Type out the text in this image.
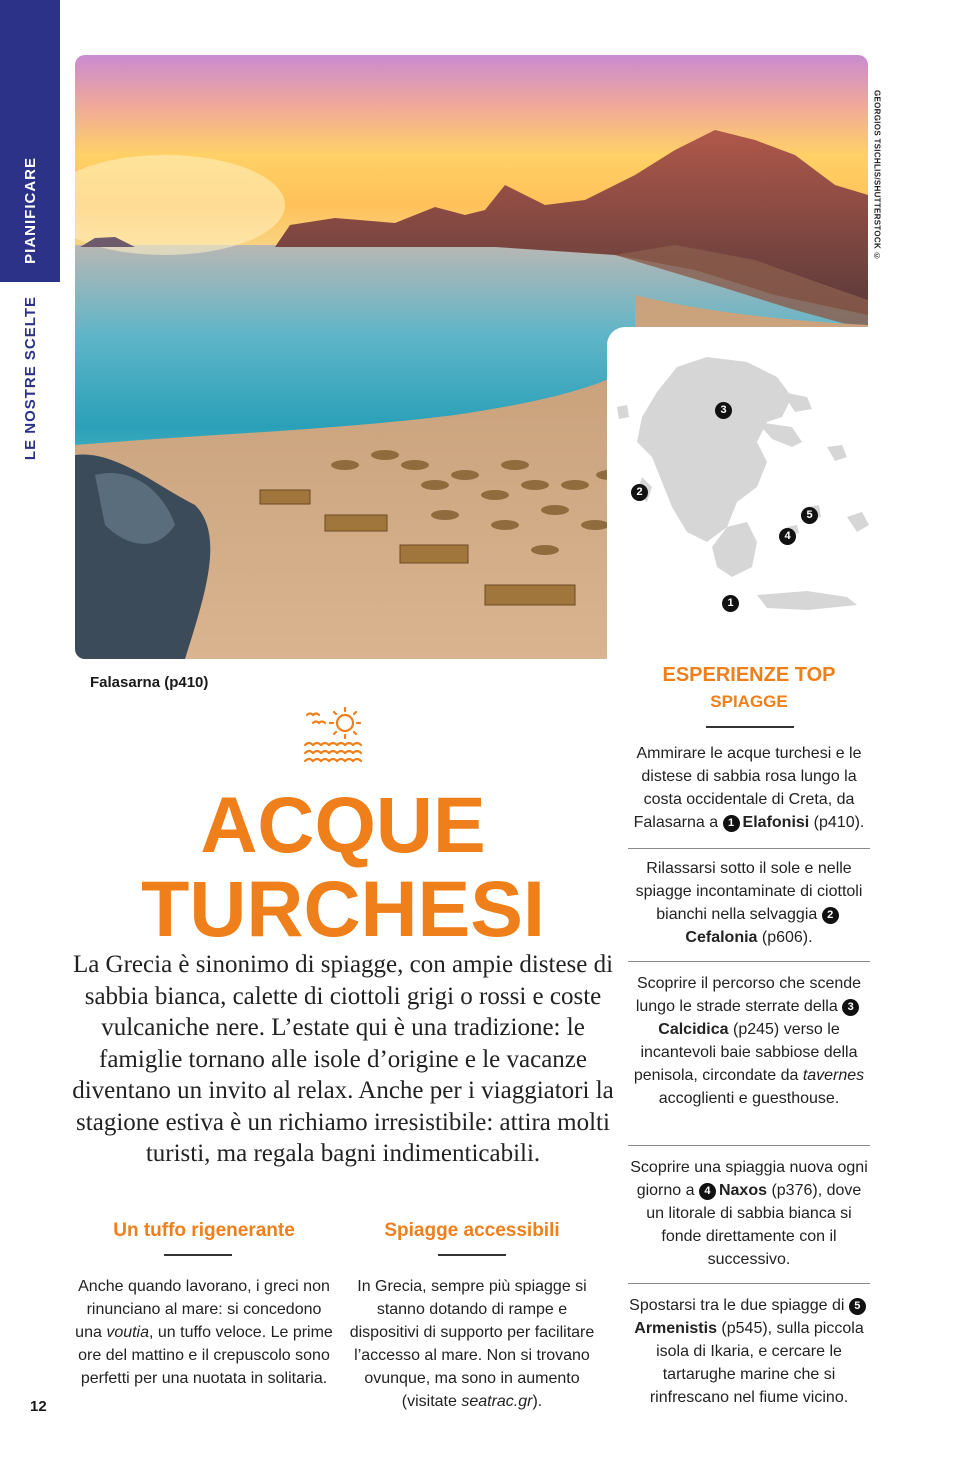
PIANIFICARE
LE NOSTRE SCELTE
GEORGIOS TSICHLIS/SHUTTERSTOCK ©
3
2
5
4
1
Falasarna (p410)
ACQUE
TURCHESI
La Grecia è sinonimo di spiagge, con ampie distese di sabbia bianca, calette di ciottoli grigi o rossi e coste vulcaniche nere. L’estate qui è una tradizione: le famiglie tornano alle isole d’origine e le vacanze diventano un invito al relax. Anche per i viaggiatori la stagione estiva è un richiamo irresistibile: attira molti turisti, ma regala bagni indimenticabili.
Un tuffo rigenerante
Anche quando lavorano, i greci non rinunciano al mare: si concedono una voutia, un tuffo veloce. Le prime ore del mattino e il crepuscolo sono perfetti per una nuotata in solitaria.
Spiagge accessibili
In Grecia, sempre più spiagge si stanno dotando di rampe e dispositivi di supporto per facilitare l’accesso al mare. Non si trovano ovunque, ma sono in aumento (visitate seatrac.gr).
12
ESPERIENZE TOP
SPIAGGE
Ammirare le acque turchesi e le distese di sabbia rosa lungo la costa occidentale di Creta, da Falasarna a 1 Elafonisi (p410).
Rilassarsi sotto il sole e nelle spiagge incontaminate di ciottoli bianchi nella selvaggia 2Cefalonia (p606).
Scoprire il percorso che scende lungo le strade sterrate della 3Calcidica (p245) verso le incantevoli baie sabbiose della penisola, circondate da tavernes accoglienti e guesthouse.
Scoprire una spiaggia nuova ogni giorno a 4 Naxos (p376), dove un litorale di sabbia bianca si fonde direttamente con il successivo.
Spostarsi tra le due spiagge di 5Armenistis (p545), sulla piccola isola di Ikaria, e cercare le tartarughe marine che si rinfrescano nel fiume vicino.
